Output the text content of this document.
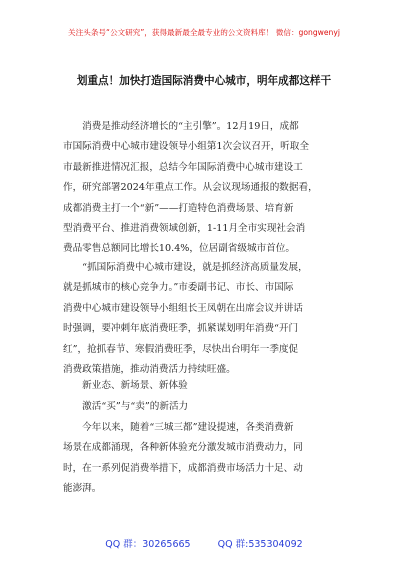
关注头条号“公文研究”，获得最新最全最专业的公文资料库！ 微信：gongwenyj
划重点！加快打造国际消费中心城市，明年成都这样干

　　消费是推动经济增长的“主引擎”。12月19日，成都

市国际消费中心城市建设领导小组第1次会议召开，听取全

市最新推进情况汇报，总结今年国际消费中心城市建设工

作，研究部署2024年重点工作。从会议现场通报的数据看，

成都消费主打一个“新”——打造特色消费场景、培育新

型消费平台、推进消费领域创新，1-11月全市实现社会消

费品零售总额同比增长10.4%，位居副省级城市首位。

　　“抓国际消费中心城市建设，就是抓经济高质量发展，

就是抓城市的核心竞争力。”市委副书记、市长、市国际

消费中心城市建设领导小组组长王凤朝在出席会议并讲话

时强调，要冲刺年底消费旺季，抓紧谋划明年消费“开门

红”，抢抓春节、寒假消费旺季，尽快出台明年一季度促

消费政策措施，推动消费活力持续旺盛。

　　新业态、新场景、新体验

　　激活“买”与“卖”的新活力

　　今年以来，随着“三城三都”建设提速，各类消费新

场景在成都涌现，各种新体验充分激发城市消费动力，同

时，在一系列促消费举措下，成都消费市场活力十足、动

能澎湃。

QQ 群：30265665	QQ 群:535304092
